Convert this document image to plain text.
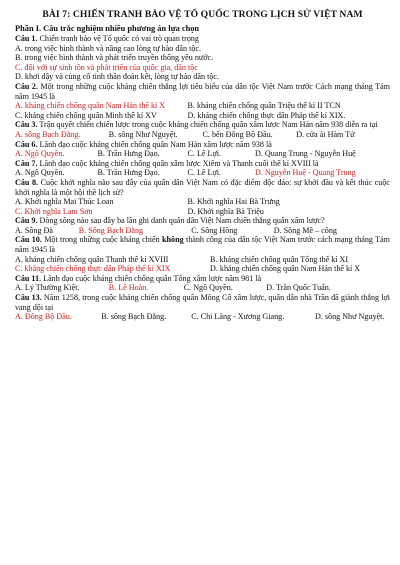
BÀI 7: CHIẾN TRANH BẢO VỆ TỔ QUỐC TRONG LỊCH SỬ VIỆT NAM
Phần I. Câu trắc nghiệm nhiều phương án lựa chọn

Câu 1. Chiến tranh bảo vệ Tổ quốc có vai trò quan trọng

A. trong việc hình thành và nâng cao lòng tự hào dân tộc.

B. trong việc hình thành và phát triển truyền thống yêu nước.

C. đối với sự sinh tồn và phát triển của quốc gia, dân tộc

D. khơi dậy và củng cố tinh thần đoàn kết, lòng tự hào dân tộc.

Câu 2. Một trong những cuộc kháng chiến thắng lợi tiêu biểu của dân tộc Việt Nam trước Cách mạng tháng Tám năm 1945 là

A. kháng chiến chống quân Nam Hán thế kỉ X	B. kháng chiến chống quân Triệu thế kỉ II TCN
C. kháng chiến chống quân Minh thế kỉ XV	D. kháng chiến chống thực dân Pháp thế kỉ XIX.

Câu 3. Trận quyết chiến chiến lược trong cuộc kháng chiến chống quân xâm lược Nam Hán năm 938 diễn ra tại

A. sông Bạch Đằng.	B. sông Như Nguyệt.	C. bến Đông Bộ Đầu.	D. cửa ải Hàm Tử

Câu 6. Lãnh đạo cuộc kháng chiến chống quân Nam Hán xâm lược năm 938 là

A. Ngô Quyền.	B. Trần Hưng Đạo.	C. Lê Lợi.	D. Quang Trung - Nguyễn Huệ

Câu 7. Lãnh đạo cuộc kháng chiến chống quân xâm lược Xiêm và Thanh cuối thế kỉ XVIII là

A. Ngô Quyền.	B. Trần Hưng Đạo.	C. Lê Lợi.	D. Nguyễn Huệ - Quang Trung

Câu 8. Cuộc khởi nghĩa nào sau đây của quân dân Việt Nam có đặc điểm độc đáo: sự khởi đầu và kết thúc cuộc khởi nghĩa là một hội thề lịch sử?

A. Khởi nghĩa Mai Thúc Loan	B. Khởi nghĩa Hai Bà Trưng
C. Khởi nghĩa Lam Sơn	D. Khởi nghĩa Bà Triệu

Câu 9. Dòng sông nào sau đây ba lần ghi danh quân dân Việt Nam chiến thắng quân xâm lược?

A. Sông Đà	B. Sông Bạch Đằng	C. Sông Hồng	D. Sông Mê – công

Câu 10. Một trong những cuộc kháng chiến không thành công của dân tộc Việt Nam trước cách mạng tháng Tám năm 1945 là

A. kháng chiến chống quân Thanh thế kỉ XVIII	B. kháng chiến chống quân Tống thế kỉ XI
C. kháng chiến chống thực dân Pháp thế kỉ XIX	D. kháng chiến chống quân Nam Hán thế kỉ X

Câu 11. Lãnh đạo cuộc kháng chiến chống quân Tống xâm lược năm 981 là

A. Lý Thường Kiệt.	B. Lê Hoàn.	C. Ngô Quyền.	D. Trần Quốc Tuấn.

Câu 13. Năm 1258, trong cuộc kháng chiến chống quân Mông Cổ xâm lược, quân dân nhà Trần đã giành thắng lợi vang dội tại

A. Đông Bộ Đầu.	B. sông Bạch Đằng.	C. Chi Lăng - Xương Giang.	D. sông Như Nguyệt.
